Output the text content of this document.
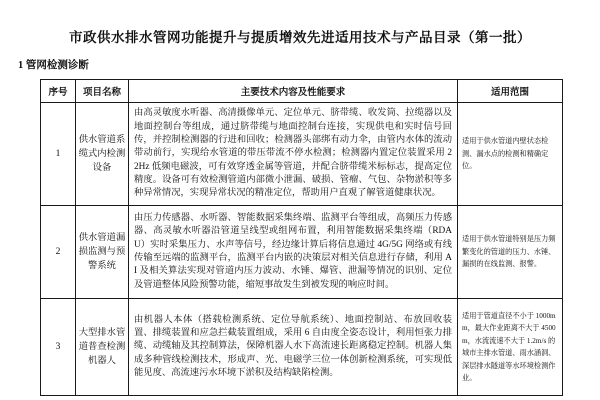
市政供水排水管网功能提升与提质增效先进适用技术与产品目录（第一批）
1 管网检测诊断
序号	项目名称	主要技术内容及性能要求	适用范围
1	供水管道系缆式内检测设备	由高灵敏度水听器、高清摄像单元、定位单元、脐带缆、收发筒、拉缆器以及地面控制台等组成，通过脐带缆与地面控制台连接，实现供电和实时信号回传，并控制检测器的行进和回收；检测器头部绑有动力伞，由管内水体的流动带动前行，实现给水管道的带压带流不停水检测；检测器内置定位装置采用 22Hz 低频电磁波，可有效穿透金属等管道，并配合脐带缆米标标志，提高定位精度。设备可有效检测管道内部微小泄漏、破损、管瘤、气包、杂物淤积等多种异常情况，实现异常状况的精准定位，帮助用户直观了解管道健康状况。	适用于供水管道内壁状态检测、漏水点的检测和精确定位。
2	供水管道漏损监测与预警系统	由压力传感器、水听器、智能数据采集终端、监测平台等组成，高频压力传感器、高灵敏水听器沿管道呈线型或组网布置，利用智能数据采集终端（RDAU）实时采集压力、水声等信号，经边缘计算后将信息通过 4G/5G 网络或有线传输至远端的监测平台，监测平台内嵌的决策层对相关信息进行存储，利用 AI 及相关算法实现对管道内压力波动、水锤、爆管、泄漏等情况的识别、定位及管道整体风险预警功能，缩短事故发生到被发现的响应时间。	适用于供水管道特别是压力频繁变化的管道的压力、水锤、漏损的在线监测、报警。
3	大型排水管道普查检测机器人	由机器人本体（搭载检测系统、定位导航系统）、地面控制站、布放回收装置、排缆装置和应急拦截装置组成，采用 6 自由度全姿态设计，利用恒张力排缆、动缆轴及其控制算法，保障机器人水下高流速长距离稳定控制。机器人集成多种管线检测技术，形成声、光、电磁学三位一体创新检测系统，可实现低能见度、高流速污水环境下淤积及结构缺陷检测。	适用于管道直径不小于 1000mm，最大作业距离不大于 4500m，水流流速不大于 1.2m/s 的城市主排水管道、雨水涵洞、深层排水隧道等水环境检测作业。
